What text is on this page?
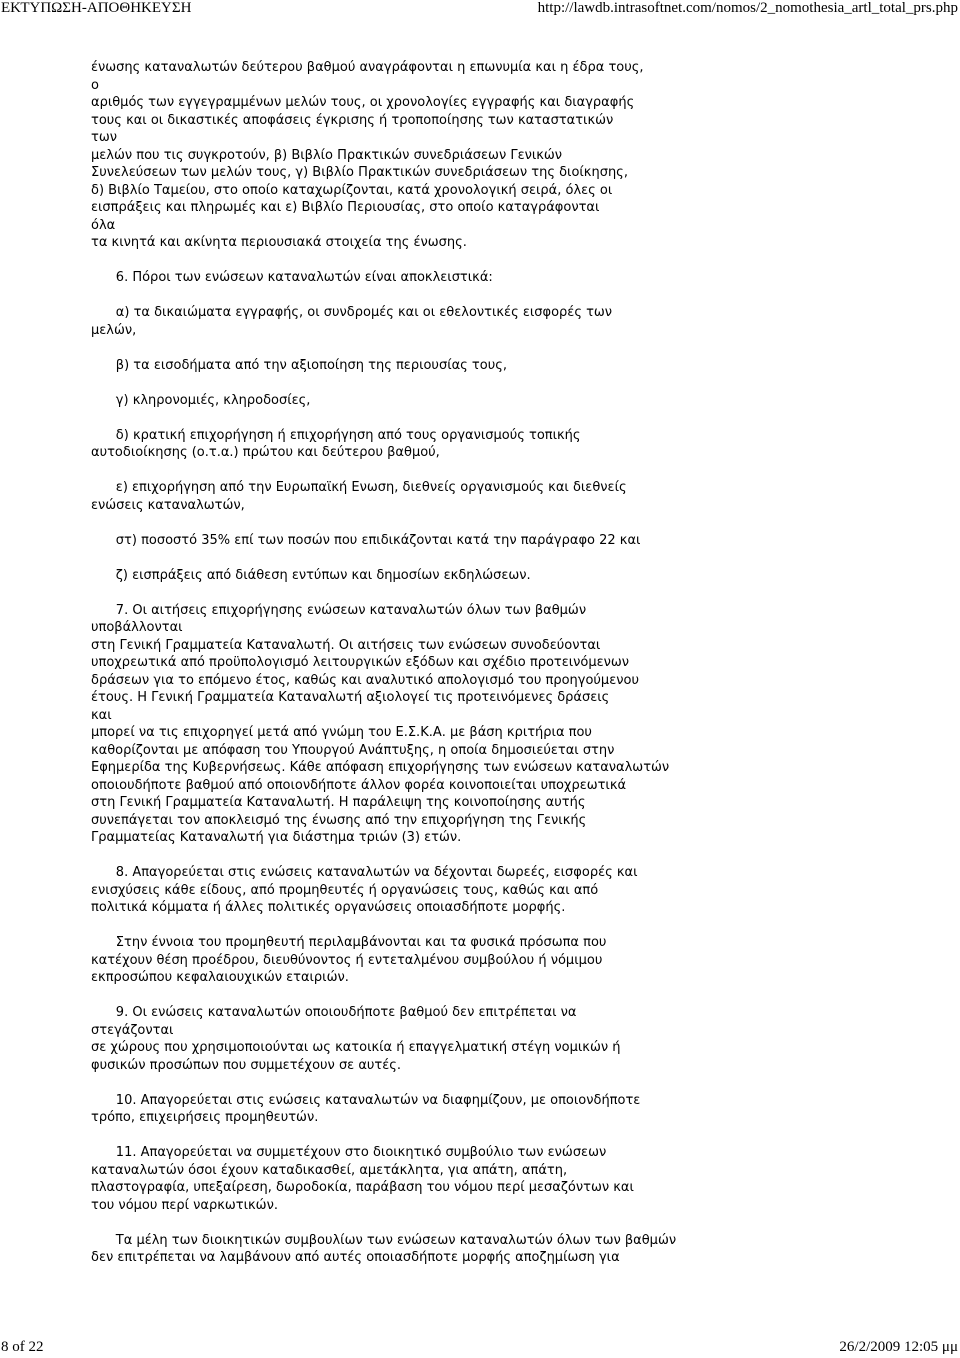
ΕΚΤΥΠΩΣΗ-ΑΠΟΘΗΚΕΥΣΗ	http://lawdb.intrasoftnet.com/nomos/2_nomothesia_artl_total_prs.php

ένωσης καταναλωτών δεύτερου βαθμού αναγράφονται η επωνυμία και η έδρα τους,

ο

αριθμός των εγγεγραμμένων μελών τους, οι χρονολογίες εγγραφής και διαγραφής

τους και οι δικαστικές αποφάσεις έγκρισης ή τροποποίησης των καταστατικών

των

μελών που τις συγκροτούν, β) Βιβλίο Πρακτικών συνεδριάσεων Γενικών

Συνελεύσεων των μελών τους, γ) Βιβλίο Πρακτικών συνεδριάσεων της διοίκησης,

δ) Βιβλίο Ταμείου, στο οποίο καταχωρίζονται, κατά χρονολογική σειρά, όλες οι

εισπράξεις και πληρωμές και ε) Βιβλίο Περιουσίας, στο οποίο καταγράφονται

όλα

τα κινητά και ακίνητα περιουσιακά στοιχεία της ένωσης.

6. Πόροι των ενώσεων καταναλωτών είναι αποκλειστικά:

α) τα δικαιώματα εγγραφής, οι συνδρομές και οι εθελοντικές εισφορές των

μελών,

β) τα εισοδήματα από την αξιοποίηση της περιουσίας τους,

γ) κληρονομιές, κληροδοσίες,

δ) κρατική επιχορήγηση ή επιχορήγηση από τους οργανισμούς τοπικής

αυτοδιοίκησης (ο.τ.α.) πρώτου και δεύτερου βαθμού,

ε) επιχορήγηση από την Ευρωπαϊκή Ενωση, διεθνείς οργανισμούς και διεθνείς

ενώσεις καταναλωτών,

στ) ποσοστό 35% επί των ποσών που επιδικάζονται κατά την παράγραφο 22 και

ζ) εισπράξεις από διάθεση εντύπων και δημοσίων εκδηλώσεων.

7. Οι αιτήσεις επιχορήγησης ενώσεων καταναλωτών όλων των βαθμών

υποβάλλονται

στη Γενική Γραμματεία Καταναλωτή. Οι αιτήσεις των ενώσεων συνοδεύονται

υποχρεωτικά από προϋπολογισμό λειτουργικών εξόδων και σχέδιο προτεινόμενων

δράσεων για το επόμενο έτος, καθώς και αναλυτικό απολογισμό του προηγούμενου

έτους. Η Γενική Γραμματεία Καταναλωτή αξιολογεί τις προτεινόμενες δράσεις

και

μπορεί να τις επιχορηγεί μετά από γνώμη του Ε.Σ.Κ.Α. με βάση κριτήρια που

καθορίζονται με απόφαση του Υπουργού Ανάπτυξης, η οποία δημοσιεύεται στην

Εφημερίδα της Κυβερνήσεως. Κάθε απόφαση επιχορήγησης των ενώσεων καταναλωτών

οποιουδήποτε βαθμού από οποιονδήποτε άλλον φορέα κοινοποιείται υποχρεωτικά

στη Γενική Γραμματεία Καταναλωτή. Η παράλειψη της κοινοποίησης αυτής

συνεπάγεται τον αποκλεισμό της ένωσης από την επιχορήγηση της Γενικής

Γραμματείας Καταναλωτή για διάστημα τριών (3) ετών.

8. Απαγορεύεται στις ενώσεις καταναλωτών να δέχονται δωρεές, εισφορές και

ενισχύσεις κάθε είδους, από προμηθευτές ή οργανώσεις τους, καθώς και από

πολιτικά κόμματα ή άλλες πολιτικές οργανώσεις οποιασδήποτε μορφής.

Στην έννοια του προμηθευτή περιλαμβάνονται και τα φυσικά πρόσωπα που

κατέχουν θέση προέδρου, διευθύνοντος ή εντεταλμένου συμβούλου ή νόμιμου

εκπροσώπου κεφαλαιουχικών εταιριών.

9. Οι ενώσεις καταναλωτών οποιουδήποτε βαθμού δεν επιτρέπεται να

στεγάζονται

σε χώρους που χρησιμοποιούνται ως κατοικία ή επαγγελματική στέγη νομικών ή

φυσικών προσώπων που συμμετέχουν σε αυτές.

10. Απαγορεύεται στις ενώσεις καταναλωτών να διαφημίζουν, με οποιονδήποτε

τρόπο, επιχειρήσεις προμηθευτών.

11. Απαγορεύεται να συμμετέχουν στο διοικητικό συμβούλιο των ενώσεων

καταναλωτών όσοι έχουν καταδικασθεί, αμετάκλητα, για απάτη, απάτη,

πλαστογραφία, υπεξαίρεση, δωροδοκία, παράβαση του νόμου περί μεσαζόντων και

του νόμου περί ναρκωτικών.

Τα μέλη των διοικητικών συμβουλίων των ενώσεων καταναλωτών όλων των βαθμών

δεν επιτρέπεται να λαμβάνουν από αυτές οποιασδήποτε μορφής αποζημίωση για

8 of 22	26/2/2009 12:05 μμ
